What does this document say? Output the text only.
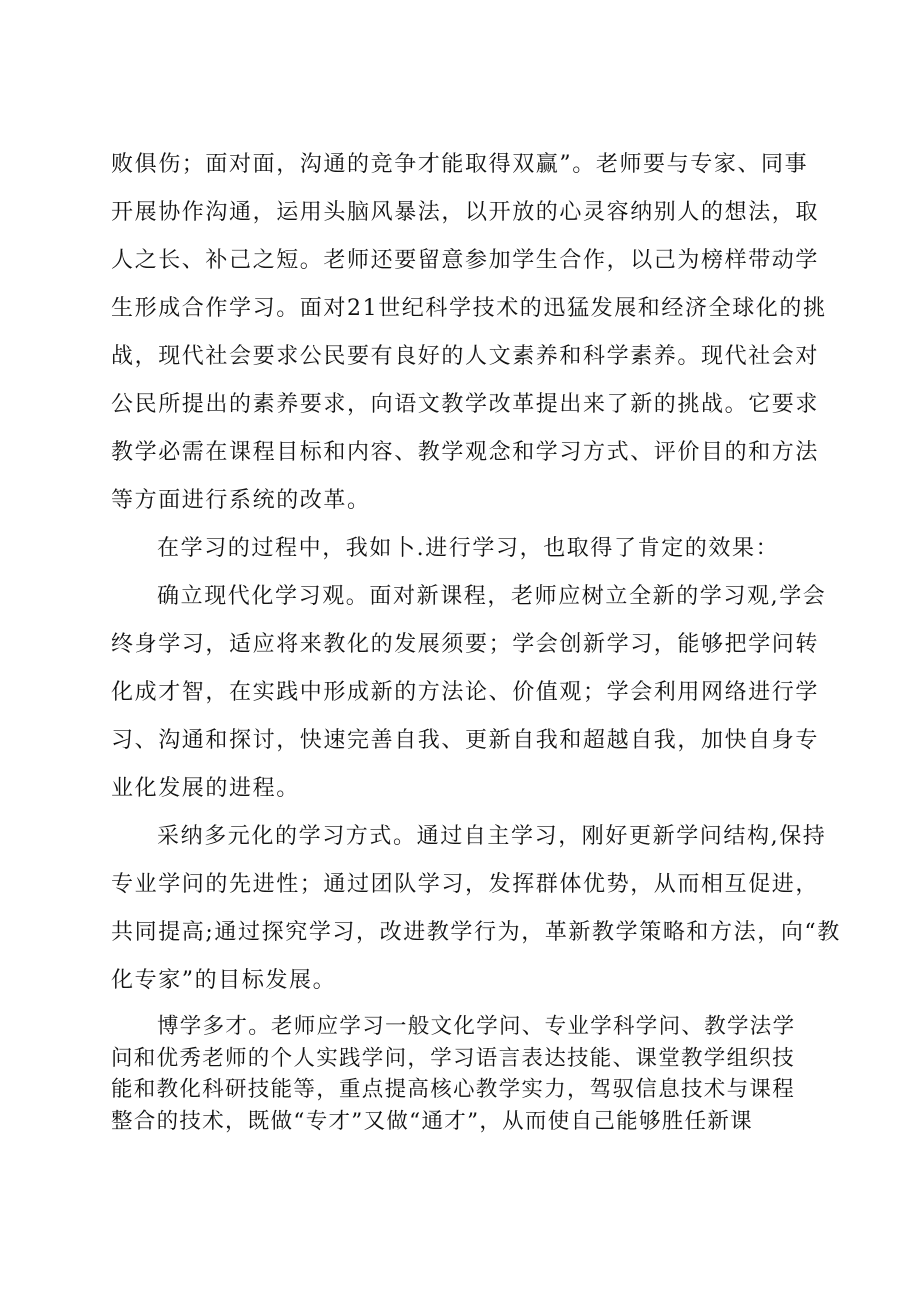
败俱伤；面对面，沟通的竞争才能取得双赢”。老师要与专家、同事
开展协作沟通，运用头脑风暴法，以开放的心灵容纳别人的想法，取
人之长、补己之短。老师还要留意参加学生合作，以己为榜样带动学
生形成合作学习。面对21世纪科学技术的迅猛发展和经济全球化的挑
战，现代社会要求公民要有良好的人文素养和科学素养。现代社会对
公民所提出的素养要求，向语文教学改革提出来了新的挑战。它要求
教学必需在课程目标和内容、教学观念和学习方式、评价目的和方法
等方面进行系统的改革。
在学习的过程中，我如卜.进行学习，也取得了肯定的效果：
确立现代化学习观。面对新课程，老师应树立全新的学习观,学会
终身学习，适应将来教化的发展须要；学会创新学习，能够把学问转
化成才智，在实践中形成新的方法论、价值观；学会利用网络进行学
习、沟通和探讨，快速完善自我、更新自我和超越自我，加快自身专
业化发展的进程。
采纳多元化的学习方式。通过自主学习，刚好更新学问结构,保持
专业学问的先进性；通过团队学习，发挥群体优势，从而相互促进，
共同提高;通过探究学习，改进教学行为，革新教学策略和方法，向“教
化专家”的目标发展。
博学多才。老师应学习一般文化学问、专业学科学问、教学法学
问和优秀老师的个人实践学问，学习语言表达技能、课堂教学组织技
能和教化科研技能等，重点提高核心教学实力，驾驭信息技术与课程
整合的技术，既做“专才”又做“通才”，从而使自己能够胜任新课
